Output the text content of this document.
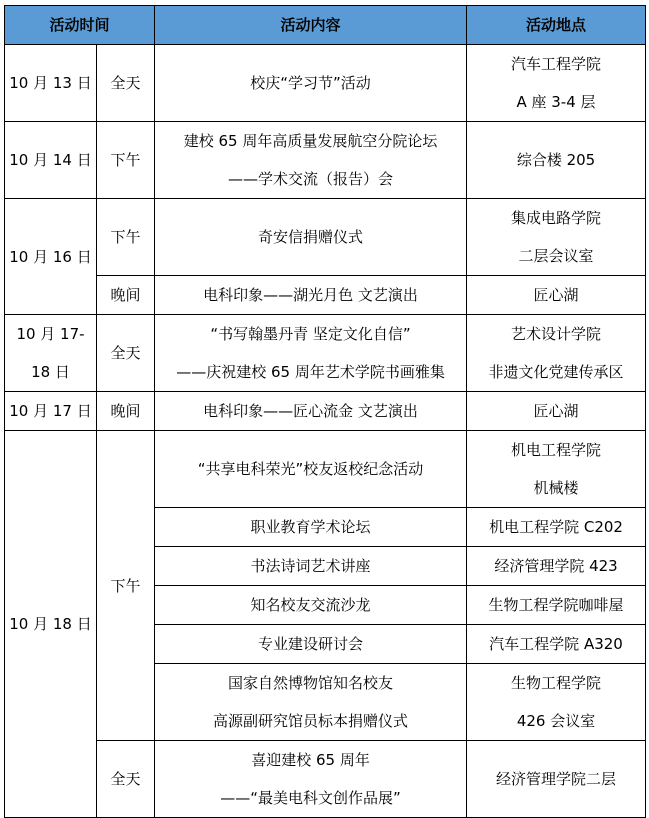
活动时间		活动内容	活动地点
10 月 13 日	全天	校庆“学习节”活动	汽车工程学院
A 座 3-4 层

10 月 14 日	下午	建校 65 周年高质量发展航空分院论坛
——学术交流（报告）会	综合楼 205

10 月 16 日	下午	奇安信捐赠仪式	集成电路学院
二层会议室

	晚间	电科印象——湖光月色 文艺演出	匠心湖

10 月 17-
18 日	全天	“书写翰墨丹青 坚定文化自信”
——庆祝建校 65 周年艺术学院书画雅集	艺术设计学院
非遗文化党建传承区

10 月 17 日	晚间	电科印象——匠心流金 文艺演出	匠心湖

10 月 18 日	下午	“共享电科荣光”校友返校纪念活动	机电工程学院
机械楼

		职业教育学术论坛	机电工程学院 C202

		书法诗词艺术讲座	经济管理学院 423

		知名校友交流沙龙	生物工程学院咖啡屋

		专业建设研讨会	汽车工程学院 A320

		国家自然博物馆知名校友
高源副研究馆员标本捐赠仪式	生物工程学院
426 会议室

	全天	喜迎建校 65 周年
——“最美电科文创作品展”	经济管理学院二层
